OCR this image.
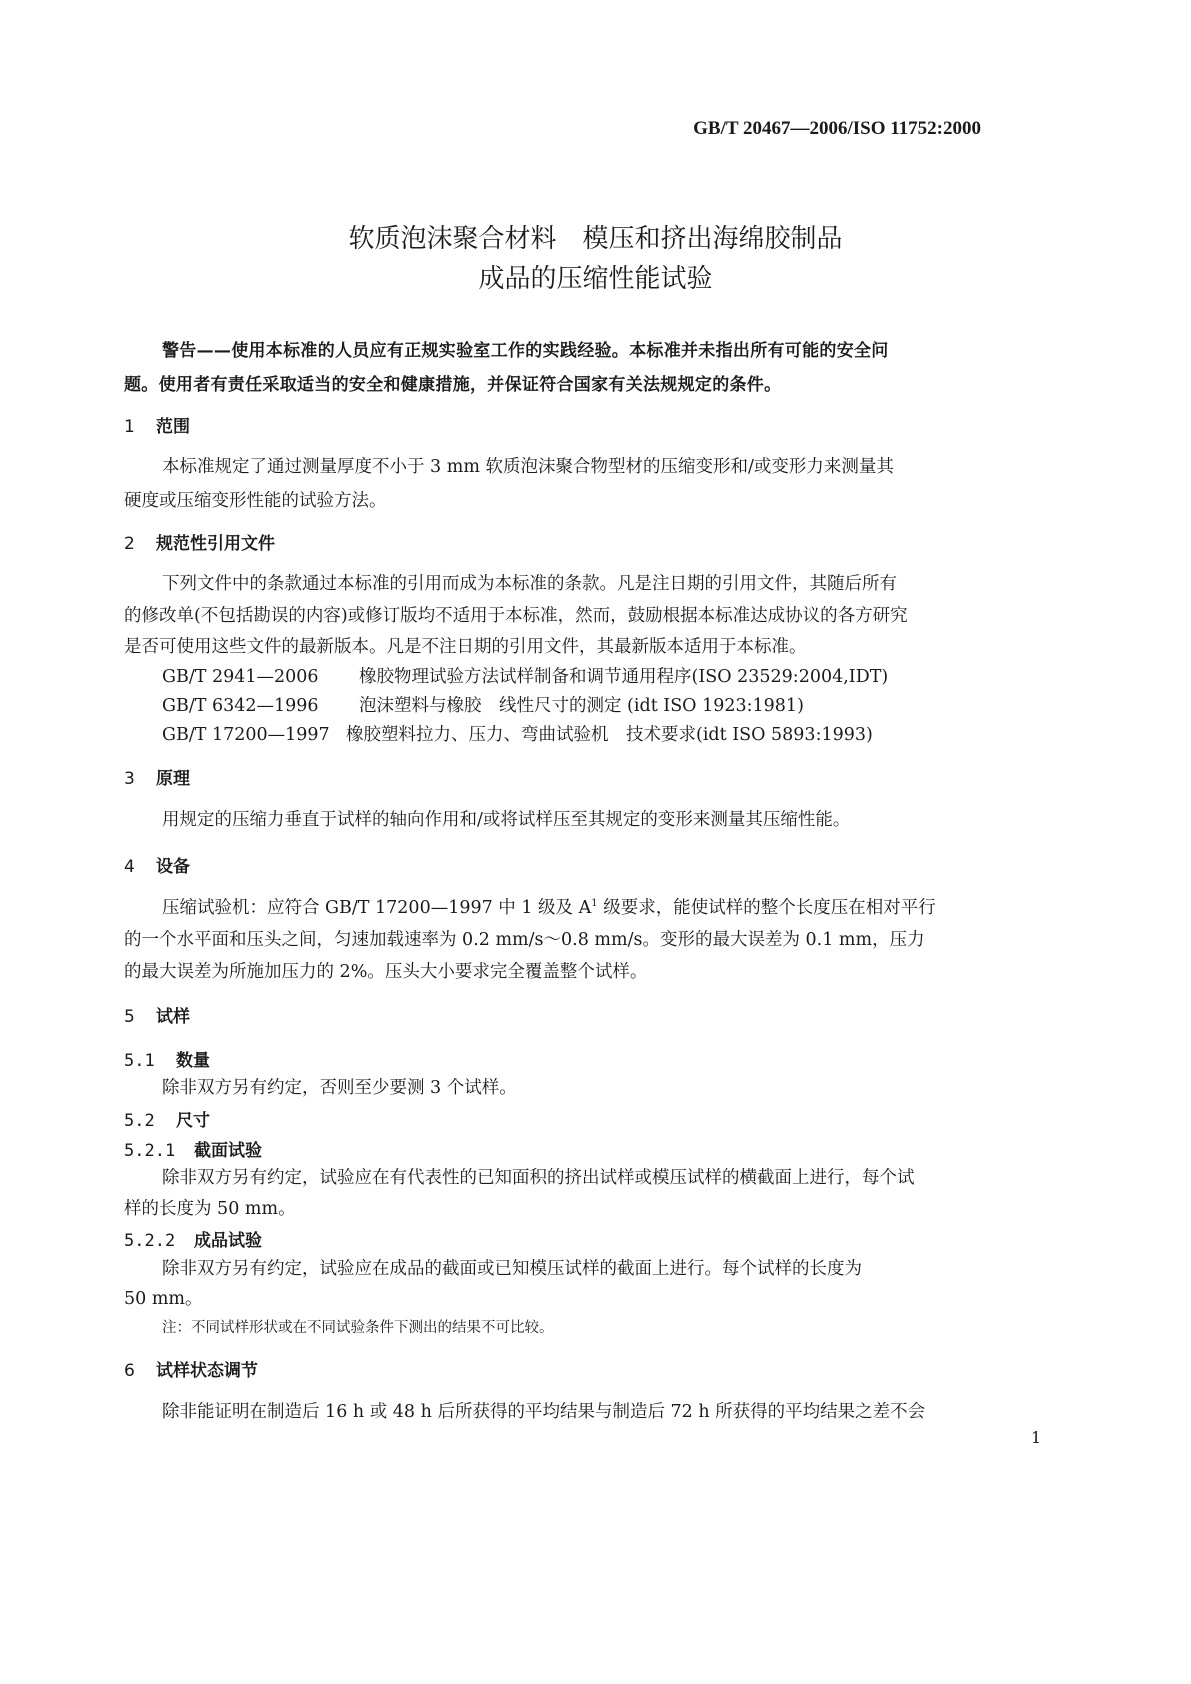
GB/T 20467—2006/ISO 11752:2000
软质泡沫聚合材料　模压和挤出海绵胶制品
成品的压缩性能试验
警告——使用本标准的人员应有正规实验室工作的实践经验。本标准并未指出所有可能的安全问
题。使用者有责任采取适当的安全和健康措施，并保证符合国家有关法规规定的条件。
1 范围
本标准规定了通过测量厚度不小于 3 mm 软质泡沫聚合物型材的压缩变形和/或变形力来测量其
硬度或压缩变形性能的试验方法。
2 规范性引用文件
下列文件中的条款通过本标准的引用而成为本标准的条款。凡是注日期的引用文件，其随后所有
的修改单(不包括勘误的内容)或修订版均不适用于本标准，然而，鼓励根据本标准达成协议的各方研究
是否可使用这些文件的最新版本。凡是不注日期的引用文件，其最新版本适用于本标准。
GB/T 2941—2006 橡胶物理试验方法试样制备和调节通用程序(ISO 23529:2004,IDT)
GB/T 6342—1996 泡沫塑料与橡胶　线性尺寸的测定 (idt ISO 1923:1981)
GB/T 17200—1997 橡胶塑料拉力、压力、弯曲试验机　技术要求(idt ISO 5893:1993)
3 原理
用规定的压缩力垂直于试样的轴向作用和/或将试样压至其规定的变形来测量其压缩性能。
4 设备
压缩试验机：应符合 GB/T 17200—1997 中 1 级及 $A^1$ 级要求，能使试样的整个长度压在相对平行
的一个水平面和压头之间，匀速加载速率为 0.2 mm/s～0.8 mm/s。变形的最大误差为 0.1 mm，压力
的最大误差为所施加压力的 2%。压头大小要求完全覆盖整个试样。
5 试样
5.1 数量
除非双方另有约定，否则至少要测 3 个试样。
5.2 尺寸
5.2.1 截面试验
除非双方另有约定，试验应在有代表性的已知面积的挤出试样或模压试样的横截面上进行，每个试
样的长度为 50 mm。
5.2.2 成品试验
除非双方另有约定，试验应在成品的截面或已知模压试样的截面上进行。每个试样的长度为
50 mm。
注：不同试样形状或在不同试验条件下测出的结果不可比较。
6 试样状态调节
除非能证明在制造后 16 h 或 48 h 后所获得的平均结果与制造后 72 h 所获得的平均结果之差不会
1
